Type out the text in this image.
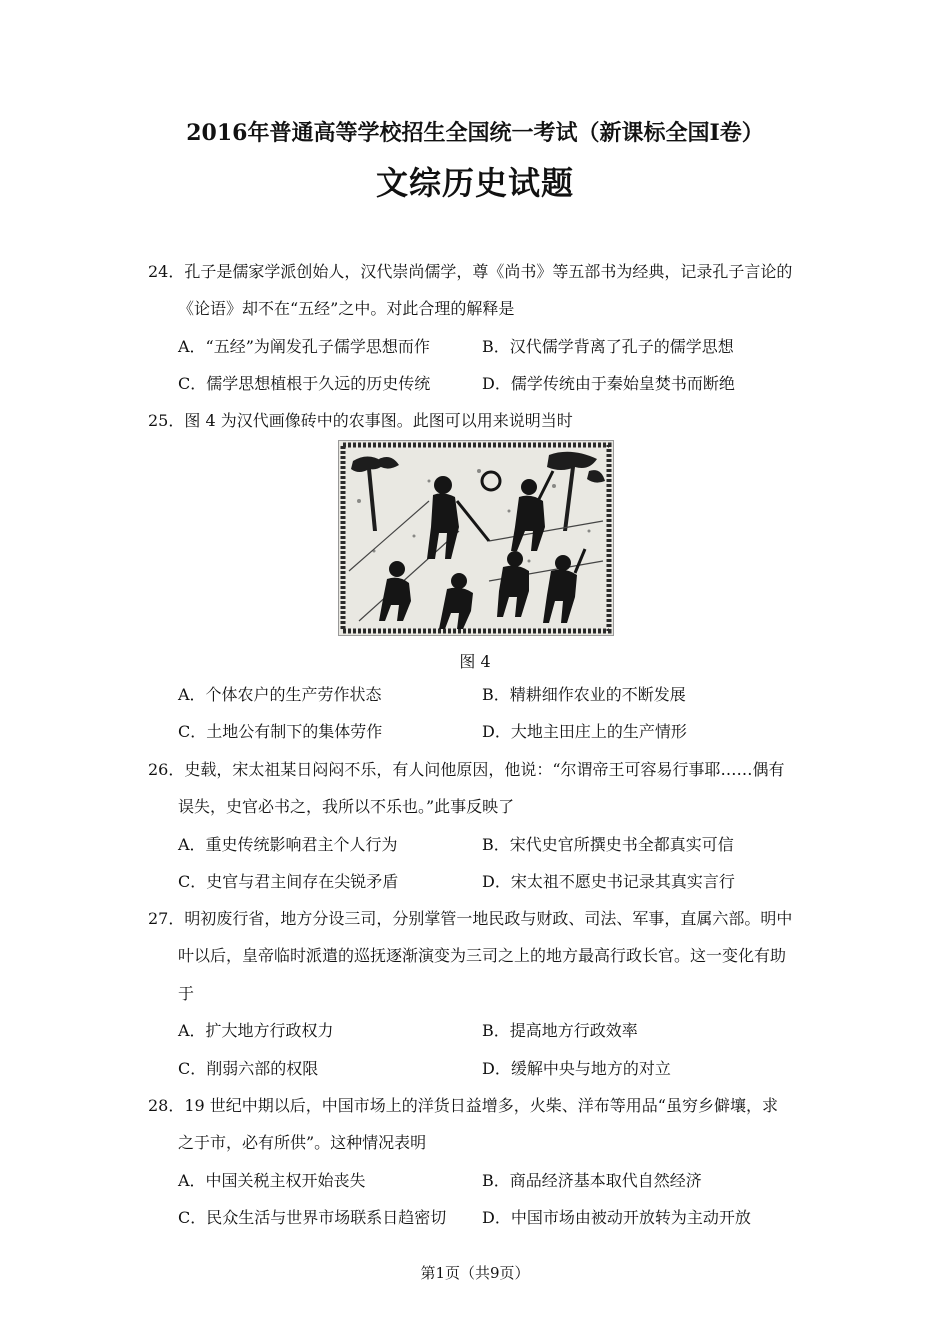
2016年普通高等学校招生全国统一考试（新课标全国Ⅰ卷）
文综历史试题
24．孔子是儒家学派创始人，汉代崇尚儒学，尊《尚书》等五部书为经典，记录孔子言论的
《论语》却不在“五经”之中。对此合理的解释是
A．“五经”为阐发孔子儒学思想而作	B．汉代儒学背离了孔子的儒学思想
C．儒学思想植根于久远的历史传统	D．儒学传统由于秦始皇焚书而断绝
25．图 4 为汉代画像砖中的农事图。此图可以用来说明当时
图 4
A．个体农户的生产劳作状态	B．精耕细作农业的不断发展
C．土地公有制下的集体劳作	D．大地主田庄上的生产情形
26．史载，宋太祖某日闷闷不乐，有人问他原因，他说：“尔谓帝王可容易行事耶……偶有
误失，史官必书之，我所以不乐也。”此事反映了
A．重史传统影响君主个人行为	B．宋代史官所撰史书全都真实可信
C．史官与君主间存在尖锐矛盾	D．宋太祖不愿史书记录其真实言行
27．明初废行省，地方分设三司，分别掌管一地民政与财政、司法、军事，直属六部。明中
叶以后，皇帝临时派遣的巡抚逐渐演变为三司之上的地方最高行政长官。这一变化有助
于
A．扩大地方行政权力	B．提高地方行政效率
C．削弱六部的权限	D．缓解中央与地方的对立
28．19 世纪中期以后，中国市场上的洋货日益增多，火柴、洋布等用品“虽穷乡僻壤，求
之于市，必有所供”。这种情况表明
A．中国关税主权开始丧失	B．商品经济基本取代自然经济
C．民众生活与世界市场联系日趋密切 D．中国市场由被动开放转为主动开放
第1页（共9页）
